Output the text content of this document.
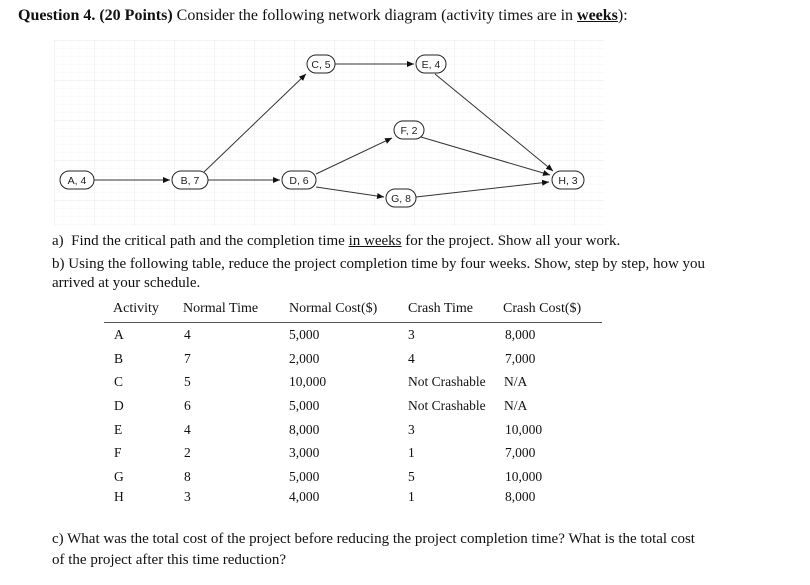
Question 4. (20 Points) Consider the following network diagram (activity times are in weeks):
A, 4	B, 7
C, 5
D, 6
E, 4
F, 2
G, 8
H, 3
a) Find the critical path and the completion time in weeks for the project. Show all your work.
b) Using the following table, reduce the project completion time by four weeks. Show, step by step, how you
arrived at your schedule.
Activity Normal Time Normal Cost($) Crash Time Crash Cost($)
A	4	5,000	3	8,000
B	7	2,000	4	7,000
C	5	10,000	Not Crashable N/A
D	6	5,000	Not Crashable N/A
E	4	8,000	3	10,000
F	2	3,000	1	7,000
G	8	5,000	5	10,000
H	3	4,000	1	8,000
c) What was the total cost of the project before reducing the project completion time? What is the total cost
of the project after this time reduction?
